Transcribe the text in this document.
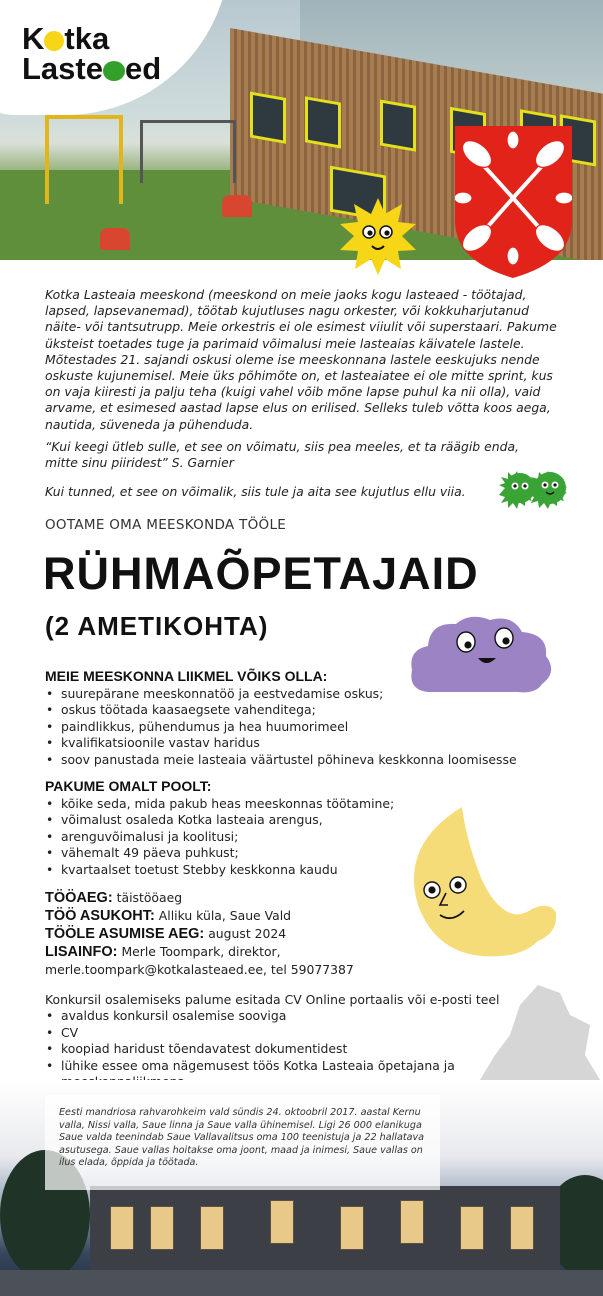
K tka
Laste ed

Kotka Lasteaia meeskond (meeskond on meie jaoks kogu lasteaed - töötajad, lapsed, lapsevanemad), töötab kujutluses nagu orkester, või kokkuharjutanud näite- või tantsutrupp. Meie orkestris ei ole esimest viiulit või superstaari. Pakume üksteist toetades tuge ja parimaid võimalusi meie lasteaias käivatele lastele. Mõtestades 21. sajandi oskusi oleme ise meeskonnana lastele eeskujuks nende oskuste kujunemisel. Meie üks põhimõte on, et lasteaiatee ei ole mitte sprint, kus on vaja kiiresti ja palju teha (kuigi vahel võib mõne lapse puhul ka nii olla), vaid arvame, et esimesed aastad lapse elus on erilised. Selleks tuleb võtta koos aega, nautida, süveneda ja pühenduda.

“Kui keegi ütleb sulle, et see on võimatu, siis pea meeles, et ta räägib enda, mitte sinu piiridest” S. Garnier
Kui tunned, et see on võimalik, siis tule ja aita see kujutlus ellu viia.
OOTAME OMA MEESKONDA TÖÖLE
RÜHMAÕPETAJAID
(2 AMETIKOHTA)
MEIE MEESKONNA LIIKMEL VÕIKS OLLA:
• suurepärane meeskonnatöö ja eestvedamise oskus;
• oskus töötada kaasaegsete vahenditega;
• paindlikkus, pühendumus ja hea huumorimeel
• kvalifikatsioonile vastav haridus
• soov panustada meie lasteaia väärtustel põhineva keskkonna loomisesse
PAKUME OMALT POOLT:
• kõike seda, mida pakub heas meeskonnas töötamine;
• võimalust osaleda Kotka lasteaia arengus,
• arenguvõimalusi ja koolitusi;
• vähemalt 49 päeva puhkust;
• kvartaalset toetust Stebby keskkonna kaudu
TÖÖAEG: täistööaeg
TÖÖ ASUKOHT: Alliku küla, Saue Vald
TÖÖLE ASUMISE AEG: august 2024
LISAINFO: Merle Toompark, direktor,
merle.toompark@kotkalasteaed.ee, tel 59077387
Konkursil osalemiseks palume esitada CV Online portaalis või e-posti teel
• avaldus konkursil osalemise sooviga
• CV
• koopiad haridust tõendavatest dokumentidest
• lühike essee oma nägemusest töös Kotka Lasteaia õpetajana ja

Eesti mandriosa rahvarohkeim vald sündis 24. oktoobril 2017. aastal Kernu valla, Nissi valla, Saue linna ja Saue valla ühinemisel. Ligi 26 000 elanikuga Saue valda teenindab Saue Vallavalitsus oma 100 teenistuja ja 22 hallatava asutusega. Saue vallas hoitakse oma joont, maad ja inimesi, Saue vallas on ilus elada, õppida ja töötada.
